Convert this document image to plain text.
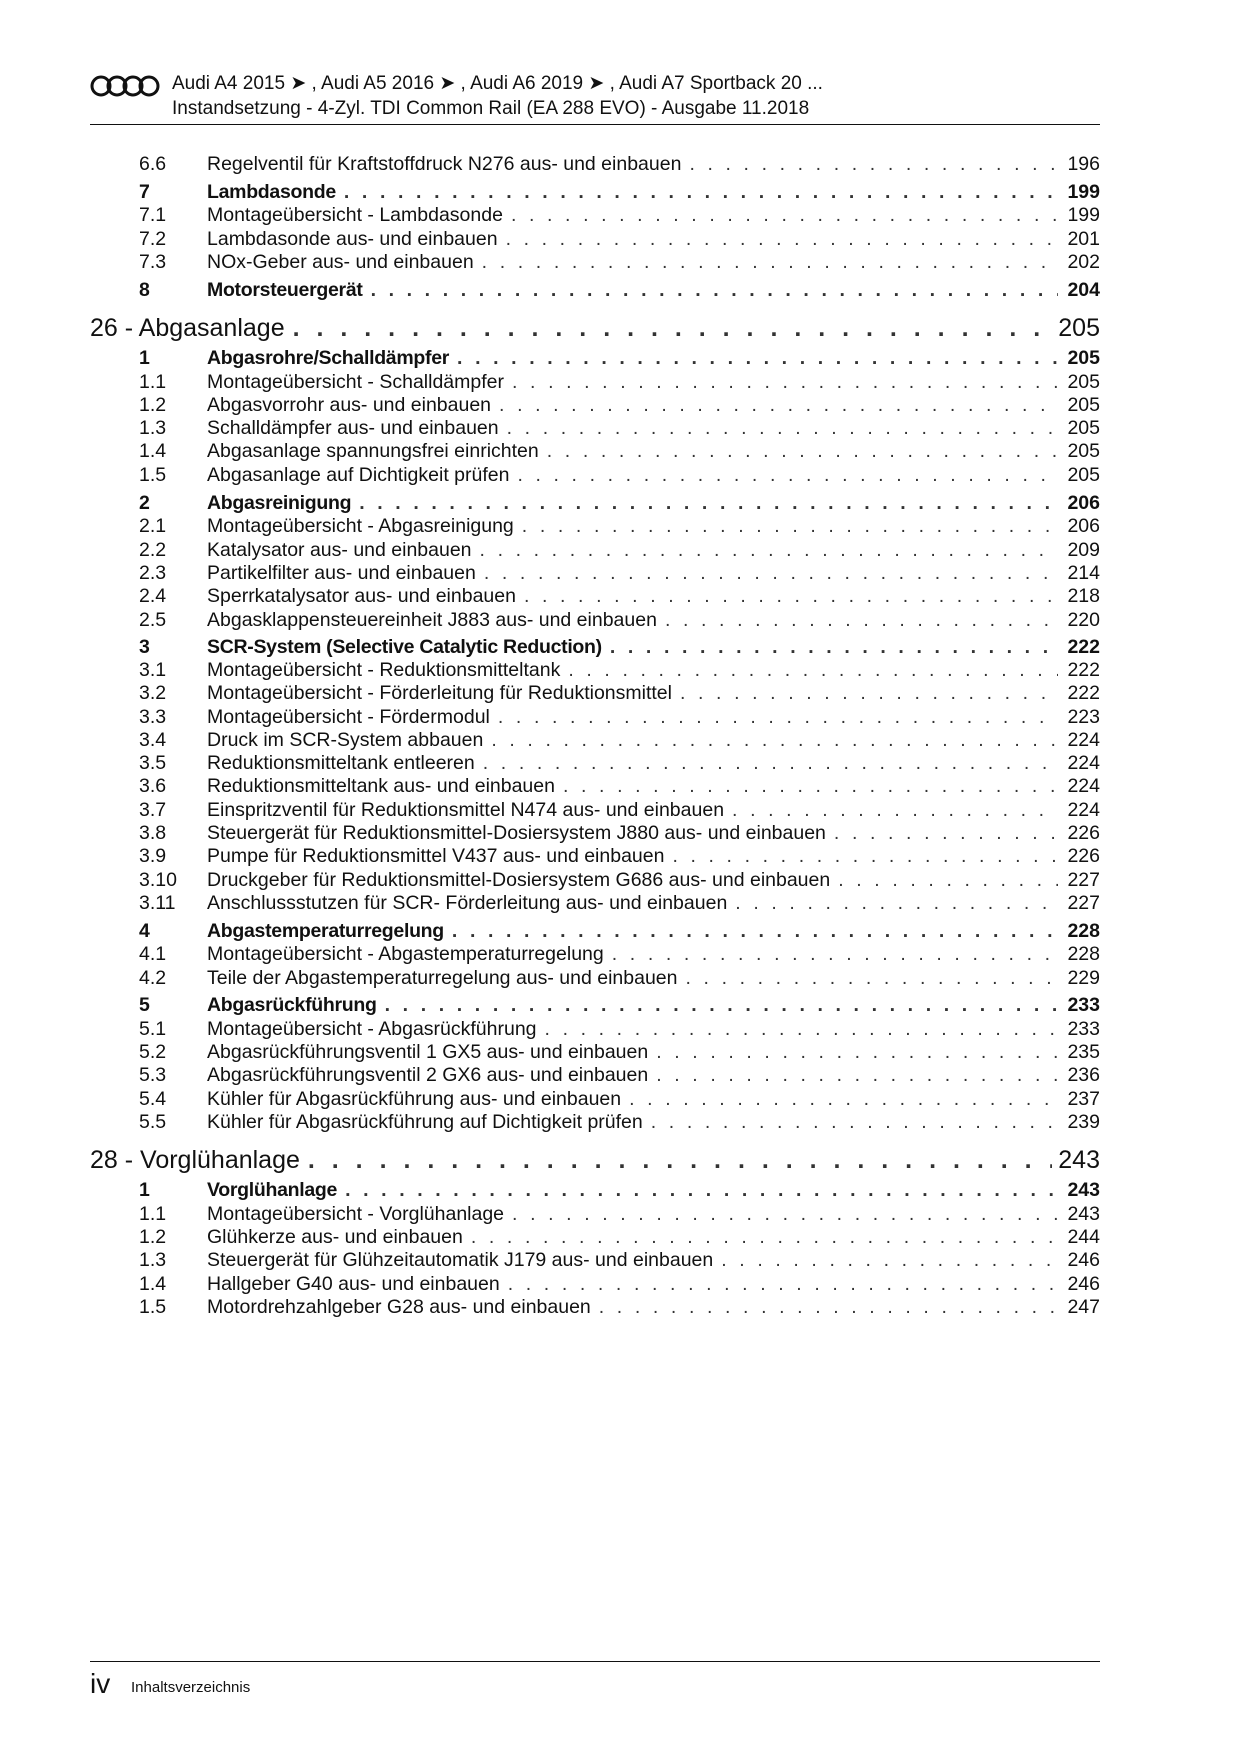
Audi A4 2015 ➤ , Audi A5 2016 ➤ , Audi A6 2019 ➤ , Audi A7 Sportback 20 ...
Instandsetzung - 4-Zyl. TDI Common Rail (EA 288 EVO) - Ausgabe 11.2018
6.6	Regelventil für Kraftstoffdruck N276 aus- und einbauen . . .	196
7	Lambdasonde . . .	199
7.1	Montageübersicht - Lambdasonde . . .	199
7.2	Lambdasonde aus- und einbauen . . .	201
7.3	NOx-Geber aus- und einbauen . . .	202
8	Motorsteuergerät . . .	204
26 - Abgasanlage . . .	205
1	Abgasrohre/Schalldämpfer . . .	205
1.1	Montageübersicht - Schalldämpfer . . .	205
1.2	Abgasvorrohr aus- und einbauen . . .	205
1.3	Schalldämpfer aus- und einbauen . . .	205
1.4	Abgasanlage spannungsfrei einrichten . . .	205
1.5	Abgasanlage auf Dichtigkeit prüfen . . .	205
2	Abgasreinigung . . .	206
2.1	Montageübersicht - Abgasreinigung . . .	206
2.2	Katalysator aus- und einbauen . . .	209
2.3	Partikelfilter aus- und einbauen . . .	214
2.4	Sperrkatalysator aus- und einbauen . . .	218
2.5	Abgasklappensteuereinheit J883 aus- und einbauen . . .	220
3	SCR-System (Selective Catalytic Reduction) . . .	222
3.1	Montageübersicht - Reduktionsmitteltank . . .	222
3.2	Montageübersicht - Förderleitung für Reduktionsmittel . . .	222
3.3	Montageübersicht - Fördermodul . . .	223
3.4	Druck im SCR-System abbauen . . .	224
3.5	Reduktionsmitteltank entleeren . . .	224
3.6	Reduktionsmitteltank aus- und einbauen . . .	224
3.7	Einspritzventil für Reduktionsmittel N474 aus- und einbauen . . .	224
3.8	Steuergerät für Reduktionsmittel-Dosiersystem J880 aus- und einbauen . . .	226
3.9	Pumpe für Reduktionsmittel V437 aus- und einbauen . . .	226
3.10	Druckgeber für Reduktionsmittel-Dosiersystem G686 aus- und einbauen . . .	227
3.11	Anschlussstutzen für SCR- Förderleitung aus- und einbauen . . .	227
4	Abgastemperaturregelung . . .	228
4.1	Montageübersicht - Abgastemperaturregelung . . .	228
4.2	Teile der Abgastemperaturregelung aus- und einbauen . . .	229
5	Abgasrückführung . . .	233
5.1	Montageübersicht - Abgasrückführung . . .	233
5.2	Abgasrückführungsventil 1 GX5 aus- und einbauen . . .	235
5.3	Abgasrückführungsventil 2 GX6 aus- und einbauen . . .	236
5.4	Kühler für Abgasrückführung aus- und einbauen . . .	237
5.5	Kühler für Abgasrückführung auf Dichtigkeit prüfen . . .	239
28 - Vorglühanlage . . .	243
1	Vorglühanlage . . .	243
1.1	Montageübersicht - Vorglühanlage . . .	243
1.2	Glühkerze aus- und einbauen . . .	244
1.3	Steuergerät für Glühzeitautomatik J179 aus- und einbauen . . .	246
1.4	Hallgeber G40 aus- und einbauen . . .	246
1.5	Motordrehzahlgeber G28 aus- und einbauen . . .	247
iv Inhaltsverzeichnis
